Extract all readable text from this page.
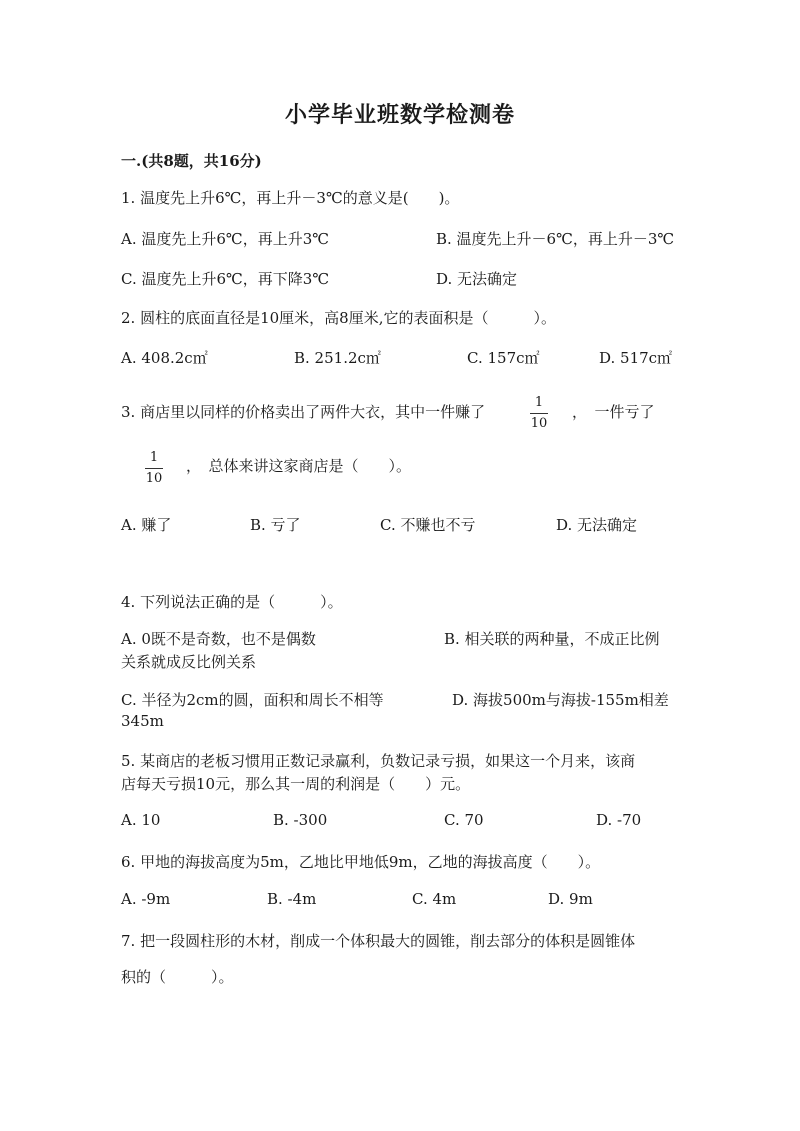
小学毕业班数学检测卷
一.(共8题，共16分)
1. 温度先上升6℃，再上升－3℃的意义是(　　)。
A. 温度先上升6℃，再上升3℃	B. 温度先上升－6℃，再上升－3℃
C. 温度先上升6℃，再下降3℃	D. 无法确定
2. 圆柱的底面直径是10厘米，高8厘米,它的表面积是（　　　）。
A. 408.2c㎡	B. 251.2c㎡	C. 157c㎡	D. 517c㎡
3. 商店里以同样的价格卖出了两件大衣，其中一件赚了
1
10
，　一件亏了
1
10
，　总体来讲这家商店是（　　）。
A. 赚了	B. 亏了	C. 不赚也不亏	D. 无法确定
4. 下列说法正确的是（　　　）。
A. 0既不是奇数，也不是偶数	B. 相关联的两种量，不成正比例
关系就成反比例关系
C. 半径为2cm的圆，面积和周长不相等	D. 海拔500m与海拔-155m相差
345m
5. 某商店的老板习惯用正数记录赢利，负数记录亏损，如果这一个月来，该商
店每天亏损10元，那么其一周的利润是（　　）元。
A. 10	B. -300	C. 70	D. -70
6. 甲地的海拔高度为5m，乙地比甲地低9m，乙地的海拔高度（　　）。
A. -9m	B. -4m	C. 4m	D. 9m
7. 把一段圆柱形的木材，削成一个体积最大的圆锥，削去部分的体积是圆锥体
积的（　　　）。
